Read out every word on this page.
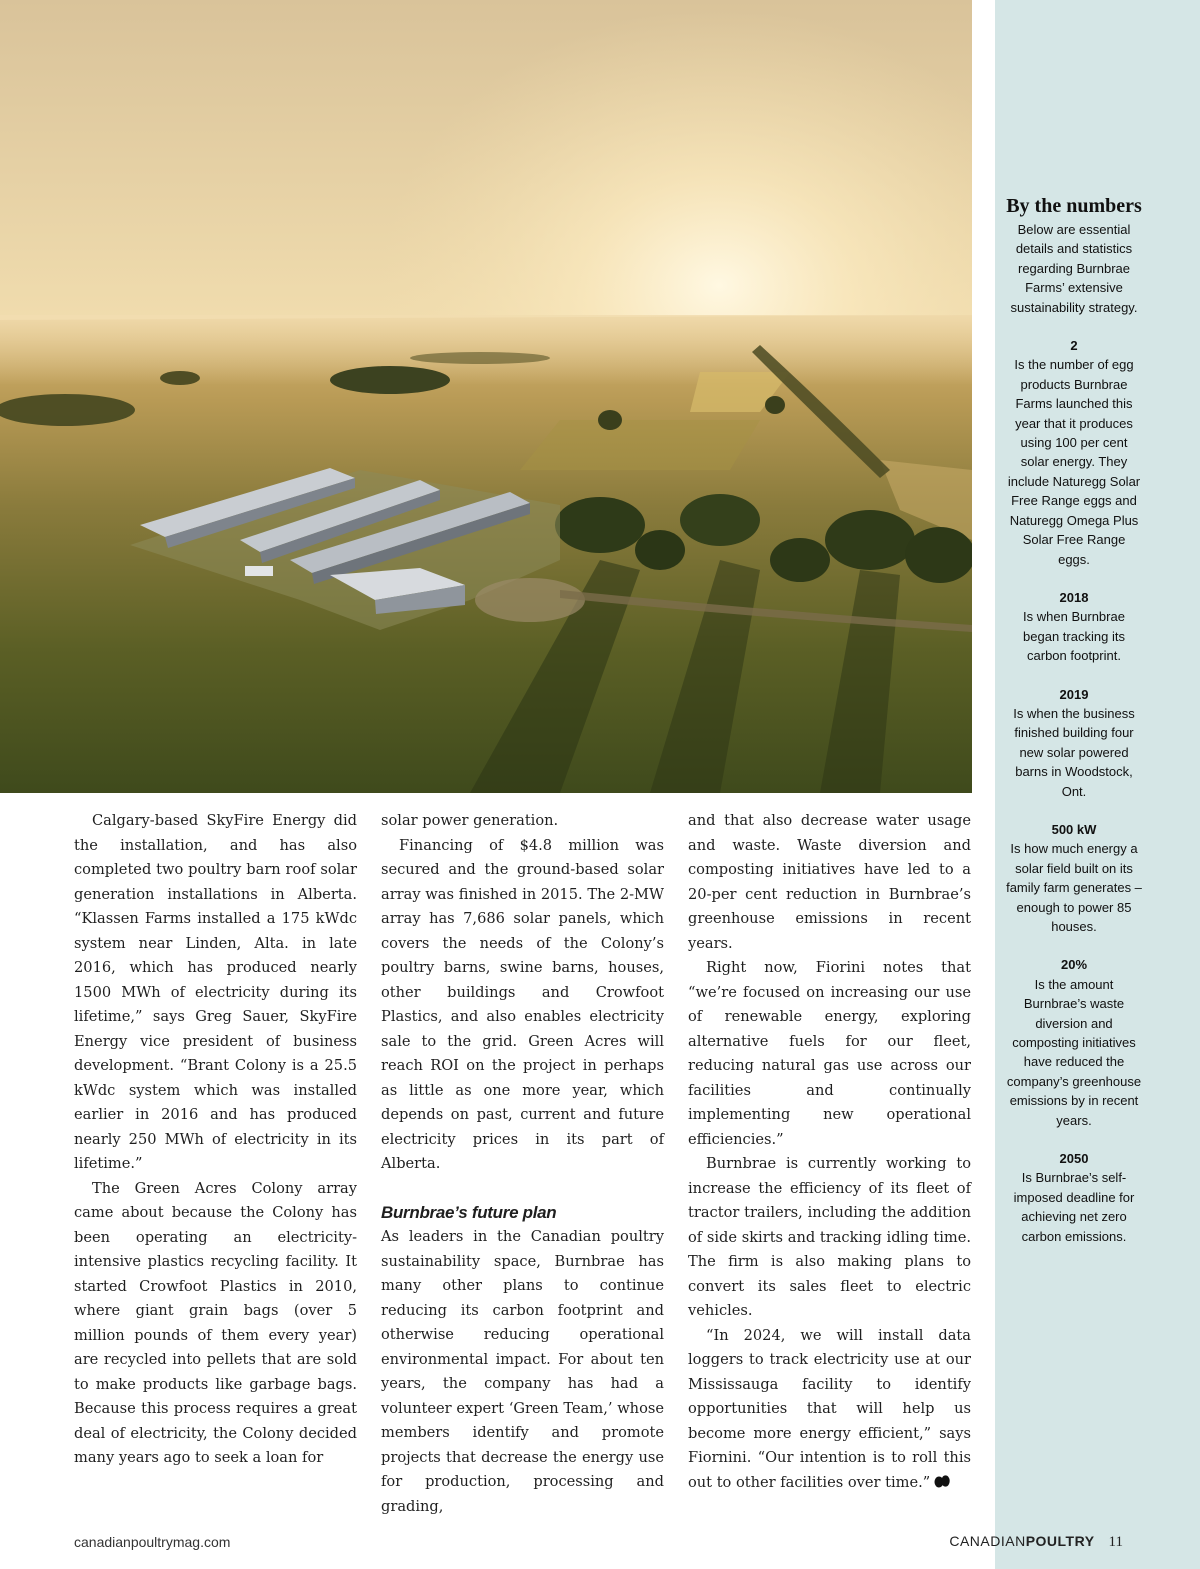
Calgary-based SkyFire Energy did the installation, and has also completed two poultry barn roof solar generation installations in Alberta. “Klassen Farms installed a 175 kWdc system near Linden, Alta. in late 2016, which has produced nearly 1500 MWh of electricity during its lifetime,” says Greg Sauer, SkyFire Energy vice president of business development. “Brant Colony is a 25.5 kWdc system which was installed earlier in 2016 and has produced nearly 250 MWh of electricity in its lifetime.”

The Green Acres Colony array came about because the Colony has been operating an electricity-intensive plastics recycling facility. It started Crowfoot Plastics in 2010, where giant grain bags (over 5 million pounds of them every year) are recycled into pellets that are sold to make products like garbage bags. Because this process requires a great deal of electricity, the Colony decided many years ago to seek a loan for

solar power generation.

Financing of $4.8 million was secured and the ground-based solar array was finished in 2015. The 2-MW array has 7,686 solar panels, which covers the needs of the Colony’s poultry barns, swine barns, houses, other buildings and Crowfoot Plastics, and also enables electricity sale to the grid. Green Acres will reach ROI on the project in perhaps as little as one more year, which depends on past, current and future electricity prices in its part of Alberta.

Burnbrae’s future plan

As leaders in the Canadian poultry sustainability space, Burnbrae has many other plans to continue reducing its carbon footprint and otherwise reducing operational environmental impact. For about ten years, the company has had a volunteer expert ‘Green Team,’ whose members identify and promote projects that decrease the energy use for production, processing and grading,

and that also decrease water usage and waste. Waste diversion and composting initiatives have led to a 20-per cent reduction in Burnbrae’s greenhouse emissions in recent years.

Right now, Fiorini notes that “we’re focused on increasing our use of renewable energy, exploring alternative fuels for our fleet, reducing natural gas use across our facilities and continually implementing new operational efficiencies.”

Burnbrae is currently working to increase the efficiency of its fleet of tractor trailers, including the addition of side skirts and tracking idling time. The firm is also making plans to convert its sales fleet to electric vehicles.

“In 2024, we will install data loggers to track electricity use at our Mississauga facility to identify opportunities that will help us become more energy efficient,” says Fiornini. “Our intention is to roll this out to other facilities over time.”

By the numbers
Below are essential details and statistics regarding Burnbrae Farms’ extensive sustainability strategy.
2
Is the number of egg products Burnbrae Farms launched this year that it produces using 100 per cent solar energy. They include Naturegg Solar Free Range eggs and Naturegg Omega Plus Solar Free Range eggs.
2018
Is when Burnbrae began tracking its carbon footprint.
2019
Is when the business finished building four new solar powered barns in Woodstock, Ont.
500 kW
Is how much energy a solar field built on its family farm generates – enough to power 85 houses.
20%
Is the amount Burnbrae’s waste diversion and composting initiatives have reduced the company’s greenhouse emissions by in recent years.
2050
Is Burnbrae’s self-imposed deadline for achieving net zero carbon emissions.
canadianpoultrymag.com	CANADIANPOULTRY 11
